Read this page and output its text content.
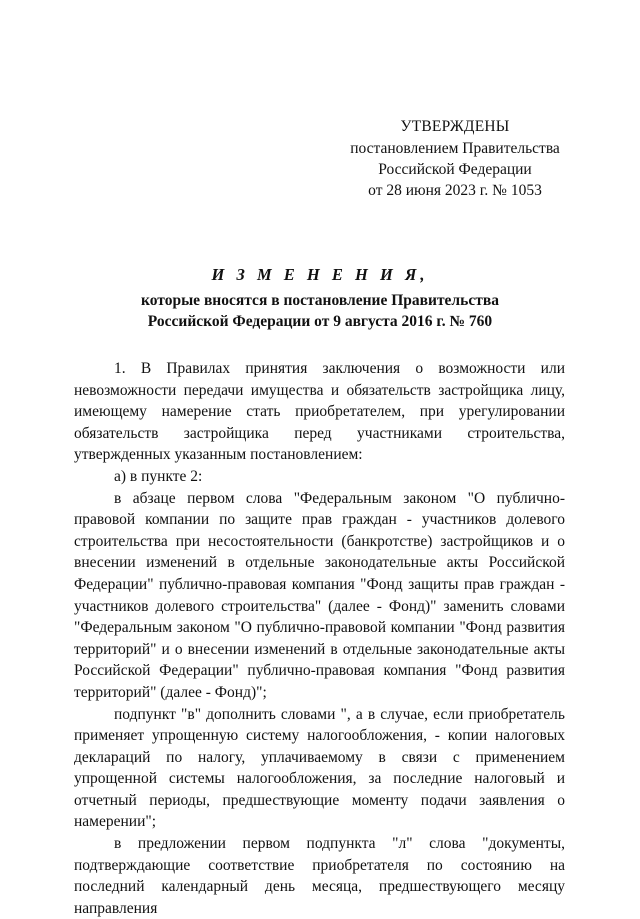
УТВЕРЖДЕНЫ
постановлением Правительства
Российской Федерации
от 28 июня 2023 г. № 1053
И З М Е Н Е Н И Я,
которые вносятся в постановление Правительства
Российской Федерации от 9 августа 2016 г. № 760

1. В Правилах принятия заключения о возможности или невозможности передачи имущества и обязательств застройщика лицу, имеющему намерение стать приобретателем, при урегулировании обязательств застройщика перед участниками строительства, утвержденных указанным постановлением:

а) в пункте 2:

в абзаце первом слова "Федеральным законом "О публично-правовой компании по защите прав граждан - участников долевого строительства при несостоятельности (банкротстве) застройщиков и о внесении изменений в отдельные законодательные акты Российской Федерации" публично-правовая компания "Фонд защиты прав граждан - участников долевого строительства" (далее - Фонд)" заменить словами "Федеральным законом "О публично-правовой компании "Фонд развития территорий" и о внесении изменений в отдельные законодательные акты Российской Федерации" публично-правовая компания "Фонд развития территорий" (далее - Фонд)";

подпункт "в" дополнить словами ", а в случае, если приобретатель применяет упрощенную систему налогообложения, - копии налоговых деклараций по налогу, уплачиваемому в связи с применением упрощенной системы налогообложения, за последние налоговый и отчетный периоды, предшествующие моменту подачи заявления о намерении";

в предложении первом подпункта "л" слова "документы, подтверждающие соответствие приобретателя по состоянию на последний календарный день месяца, предшествующего месяцу направления
